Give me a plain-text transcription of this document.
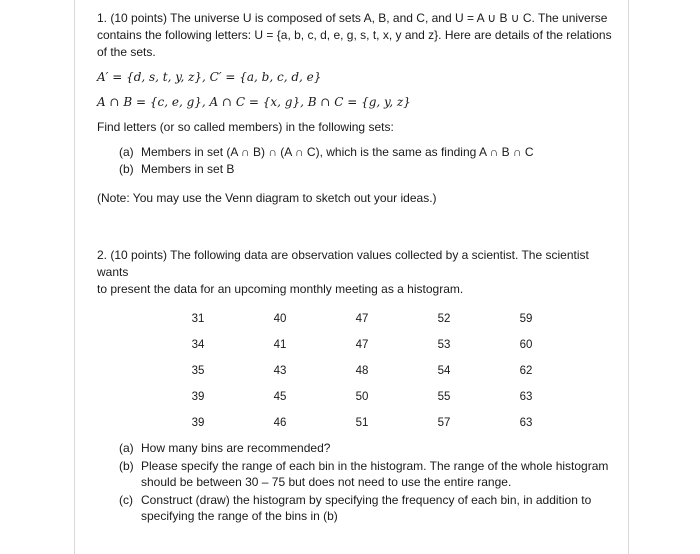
1. (10 points) The universe U is composed of sets A, B, and C, and U = A ∪ B ∪ C. The universe

contains the following letters: U = {a, b, c, d, e, g, s, t, x, y and z}. Here are details of the relations

of the sets.

A′ = {d, s, t, y, z}, C′ = {a, b, c, d, e}

A ∩ B = {c, e, g}, A ∩ C = {x, g}, B ∩ C = {g, y, z}

Find letters (or so called members) in the following sets:

(a) Members in set (A ∩ B) ∩ (A ∩ C), which is the same as finding A ∩ B ∩ C
(b) Members in set B

(Note: You may use the Venn diagram to sketch out your ideas.)

2. (10 points) The following data are observation values collected by a scientist. The scientist wants

to present the data for an upcoming monthly meeting as a histogram.

31	40	47	52	59
34	41	47	53	60
35	43	48	54	62
39	45	50	55	63
39	46	51	57	63
(a) How many bins are recommended?
(b) Please specify the range of each bin in the histogram. The range of the whole histogram
should be between 30 – 75 but does not need to use the entire range.
(c) Construct (draw) the histogram by specifying the frequency of each bin, in addition to
specifying the range of the bins in (b)
